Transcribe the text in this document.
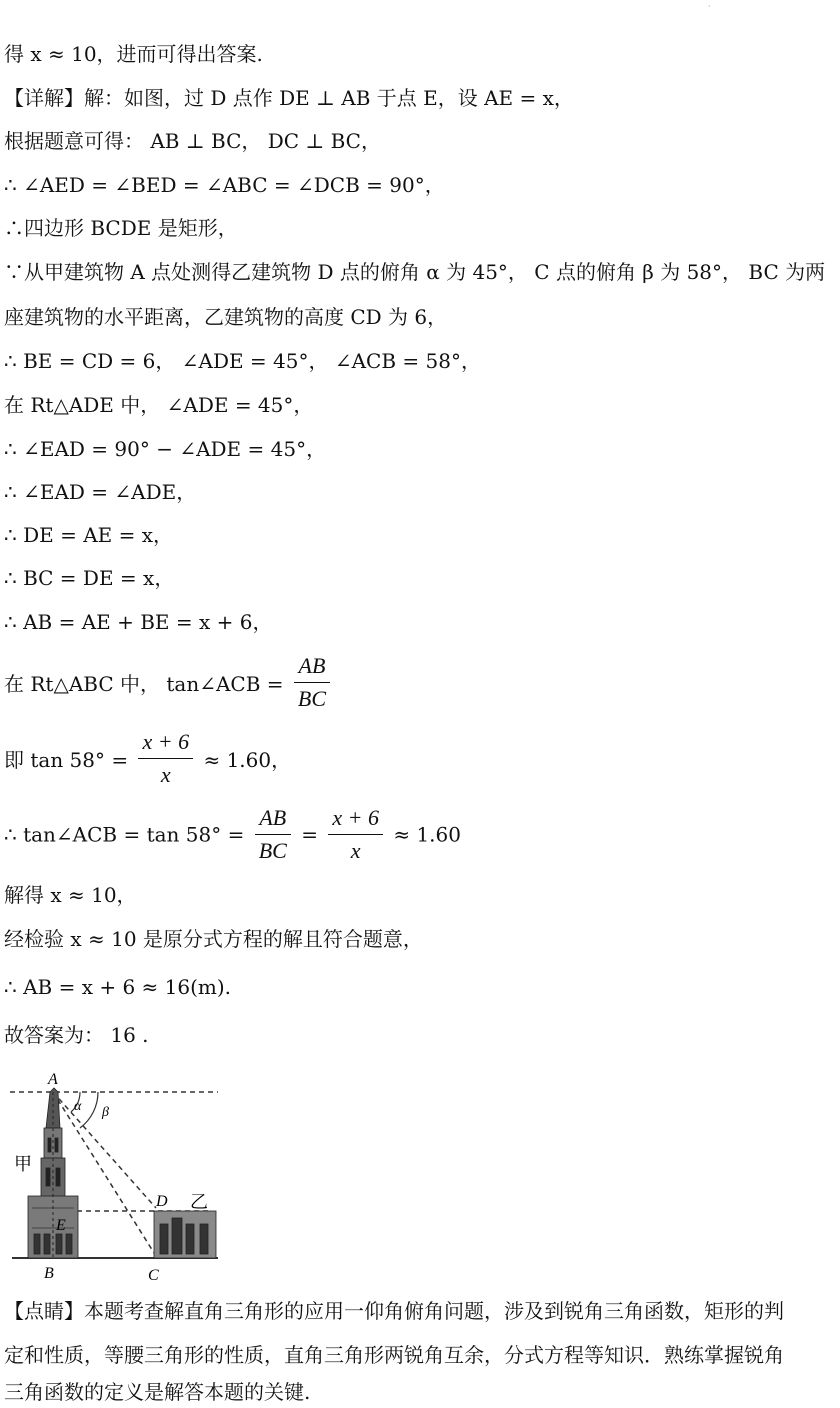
·
得 x ≈ 10，进而可得出答案.
【详解】解：如图，过 D 点作 DE ⊥ AB 于点 E，设 AE = x，
根据题意可得： AB ⊥ BC， DC ⊥ BC，
∴ ∠AED = ∠BED = ∠ABC = ∠DCB = 90°，
∴四边形 BCDE 是矩形，
∵从甲建筑物 A 点处测得乙建筑物 D 点的俯角 α 为 45°， C 点的俯角 β 为 58°， BC 为两
座建筑物的水平距离，乙建筑物的高度 CD 为 6，
∴ BE = CD = 6， ∠ADE = 45°， ∠ACB = 58°，
在 Rt△ADE 中， ∠ADE = 45°，
∴ ∠EAD = 90° − ∠ADE = 45°，
∴ ∠EAD = ∠ADE，
∴ DE = AE = x，
∴ BC = DE = x，
∴ AB = AE + BE = x + 6，
在 Rt△ABC 中， tan∠ACB = $\frac{AB}{BC}$
即 $\tan 58^\circ = \frac{x + 6}{x} \approx 1.60$，
∴ tan∠ACB = $\tan 58^\circ = \frac{AB}{BC} = \frac{x + 6}{x} \approx 1.60$
解得 x ≈ 10，
经检验 x ≈ 10 是原分式方程的解且符合题意，
∴ AB = x + 6 ≈ 16(m).
故答案为： 16 .
A
α β
甲
D 乙
E
B	C
【点睛】本题考查解直角三角形的应用一仰角俯角问题，涉及到锐角三角函数，矩形的判
定和性质，等腰三角形的性质，直角三角形两锐角互余，分式方程等知识．熟练掌握锐角
三角函数的定义是解答本题的关键.
